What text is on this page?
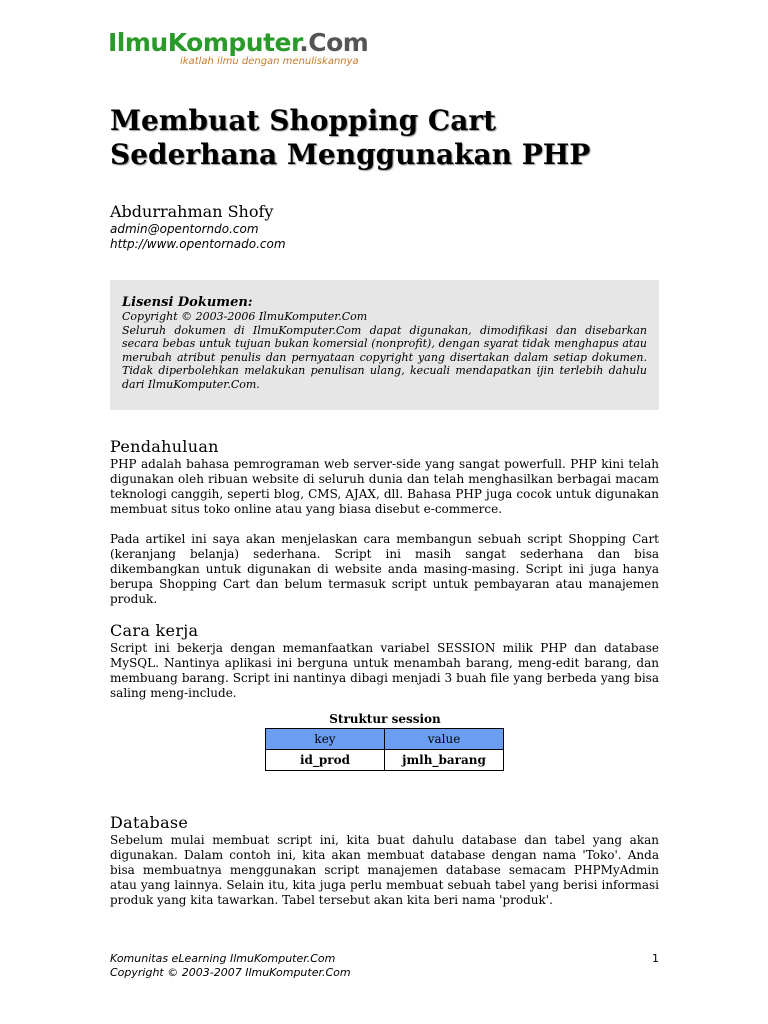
IlmuKomputer.Com
ikatlah ilmu dengan menuliskannya
Membuat Shopping Cart Sederhana Menggunakan PHP
Abdurrahman Shofy
admin@opentorndo.com
http://www.opentornado.com
Lisensi Dokumen:
Copyright © 2003-2006 IlmuKomputer.Com
Seluruh dokumen di IlmuKomputer.Com dapat digunakan, dimodifikasi dan disebarkan secara bebas untuk tujuan bukan komersial (nonprofit), dengan syarat tidak menghapus atau merubah atribut penulis dan pernyataan copyright yang disertakan dalam setiap dokumen. Tidak diperbolehkan melakukan penulisan ulang, kecuali mendapatkan ijin terlebih dahulu dari IlmuKomputer.Com.
Pendahuluan

PHP adalah bahasa pemrograman web server-side yang sangat powerfull. PHP kini telah digunakan oleh ribuan website di seluruh dunia dan telah menghasilkan berbagai macam teknologi canggih, seperti blog, CMS, AJAX, dll. Bahasa PHP juga cocok untuk digunakan membuat situs toko online atau yang biasa disebut e-commerce.

Pada artikel ini saya akan menjelaskan cara membangun sebuah script Shopping Cart (keranjang belanja) sederhana. Script ini masih sangat sederhana dan bisa dikembangkan untuk digunakan di website anda masing-masing. Script ini juga hanya berupa Shopping Cart dan belum termasuk script untuk pembayaran atau manajemen produk.

Cara kerja

Script ini bekerja dengan memanfaatkan variabel SESSION milik PHP dan database MySQL. Nantinya aplikasi ini berguna untuk menambah barang, meng-edit barang, dan membuang barang. Script ini nantinya dibagi menjadi 3 buah file yang berbeda yang bisa saling meng-include.

Struktur session
key	value
id_prod	jmlh_barang
Database

Sebelum mulai membuat script ini, kita buat dahulu database dan tabel yang akan digunakan. Dalam contoh ini, kita akan membuat database dengan nama 'Toko'. Anda bisa membuatnya menggunakan script manajemen database semacam PHPMyAdmin atau yang lainnya. Selain itu, kita juga perlu membuat sebuah tabel yang berisi informasi produk yang kita tawarkan. Tabel tersebut akan kita beri nama 'produk'.

Komunitas eLearning IlmuKomputer.Com
Copyright © 2003-2007 IlmuKomputer.Com
1
